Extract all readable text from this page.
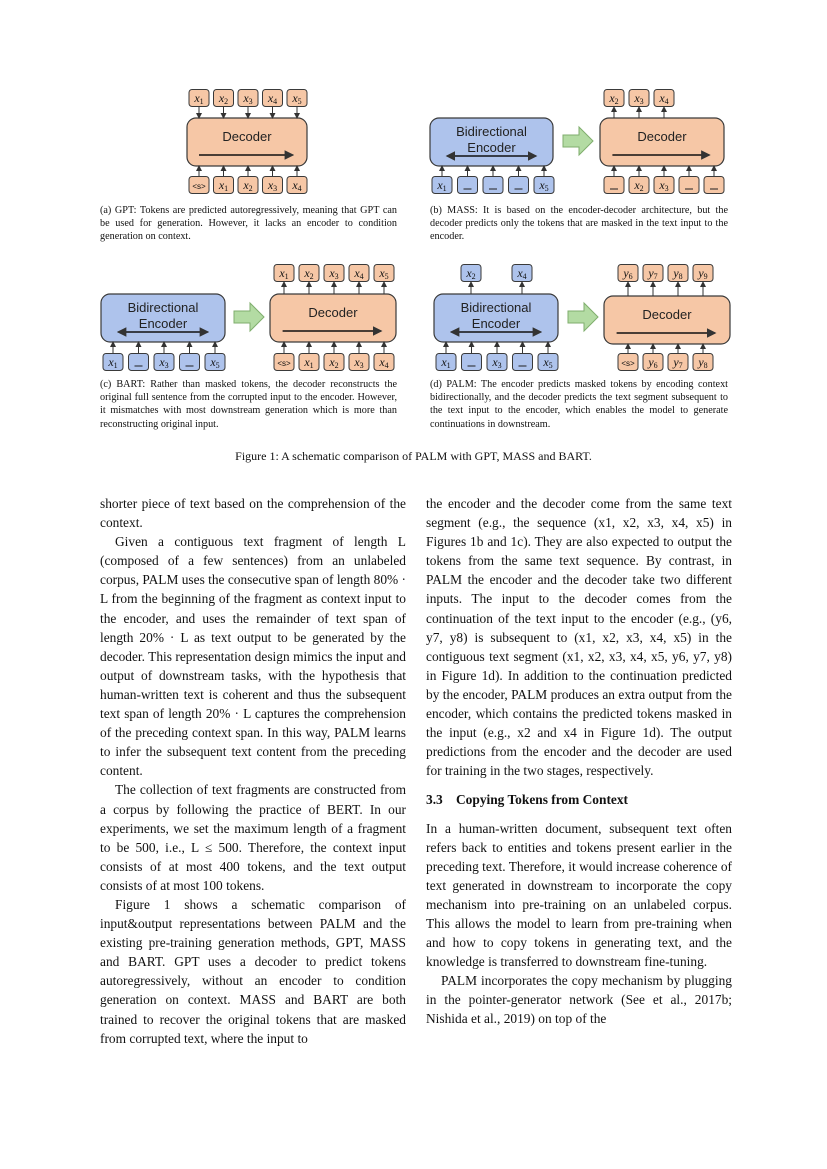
Decoder
x1 x2 x3 x4 x5
<s> x1 x2 x3 x4
Bidirectional
Encoder
x1	x5
Decoder
x2 x3 x4
x2 x3
Bidirectional
Encoder
x1	x3	x5
Decoder
x1 x2 x3 x4 x5
<s> x1 x2 x3 x4
Bidirectional
Encoder
x2	x4
x1	x3	x5
Decoder
y6 y7 y8 y9
<s> y6 y7 y8
(a) GPT: Tokens are predicted autoregressively, meaning that GPT can be used for generation. However, it lacks an encoder to condition generation on context.
(b) MASS: It is based on the encoder-decoder architecture, but the decoder predicts only the tokens that are masked in the text input to the encoder.
(c) BART: Rather than masked tokens, the decoder reconstructs the original full sentence from the corrupted input to the encoder. However, it mismatches with most downstream generation which is more than reconstructing original input.
(d) PALM: The encoder predicts masked tokens by encoding context bidirectionally, and the decoder predicts the text segment subsequent to the text input to the encoder, which enables the model to generate continuations in downstream.
Figure 1: A schematic comparison of PALM with GPT, MASS and BART.

shorter piece of text based on the comprehension of the context.

Given a contiguous text fragment of length L (composed of a few sentences) from an unlabeled corpus, PALM uses the consecutive span of length 80% · L from the beginning of the fragment as context input to the encoder, and uses the remainder of text span of length 20% · L as text output to be generated by the decoder. This representation design mimics the input and output of downstream tasks, with the hypothesis that human-written text is coherent and thus the subsequent text span of length 20% · L captures the comprehension of the preceding context span. In this way, PALM learns to infer the subsequent text content from the preceding content.

The collection of text fragments are constructed from a corpus by following the practice of BERT. In our experiments, we set the maximum length of a fragment to be 500, i.e., L ≤ 500. Therefore, the context input consists of at most 400 tokens, and the text output consists of at most 100 tokens.

Figure 1 shows a schematic comparison of input&output representations between PALM and the existing pre-training generation methods, GPT, MASS and BART. GPT uses a decoder to predict tokens autoregressively, without an encoder to condition generation on context. MASS and BART are both trained to recover the original tokens that are masked from corrupted text, where the input to

the encoder and the decoder come from the same text segment (e.g., the sequence (x1, x2, x3, x4, x5) in Figures 1b and 1c). They are also expected to output the tokens from the same text sequence. By contrast, in PALM the encoder and the decoder take two different inputs. The input to the decoder comes from the continuation of the text input to the encoder (e.g., (y6, y7, y8) is subsequent to (x1, x2, x3, x4, x5) in the contiguous text segment (x1, x2, x3, x4, x5, y6, y7, y8) in Figure 1d). In addition to the continuation predicted by the encoder, PALM produces an extra output from the encoder, which contains the predicted tokens masked in the input (e.g., x2 and x4 in Figure 1d). The output predictions from the encoder and the decoder are used for training in the two stages, respectively.

3.3 Copying Tokens from Context

In a human-written document, subsequent text often refers back to entities and tokens present earlier in the preceding text. Therefore, it would increase coherence of text generated in downstream to incorporate the copy mechanism into pre-training on an unlabeled corpus. This allows the model to learn from pre-training when and how to copy tokens in generating text, and the knowledge is transferred to downstream fine-tuning.

PALM incorporates the copy mechanism by plugging in the pointer-generator network (See et al., 2017b; Nishida et al., 2019) on top of the
